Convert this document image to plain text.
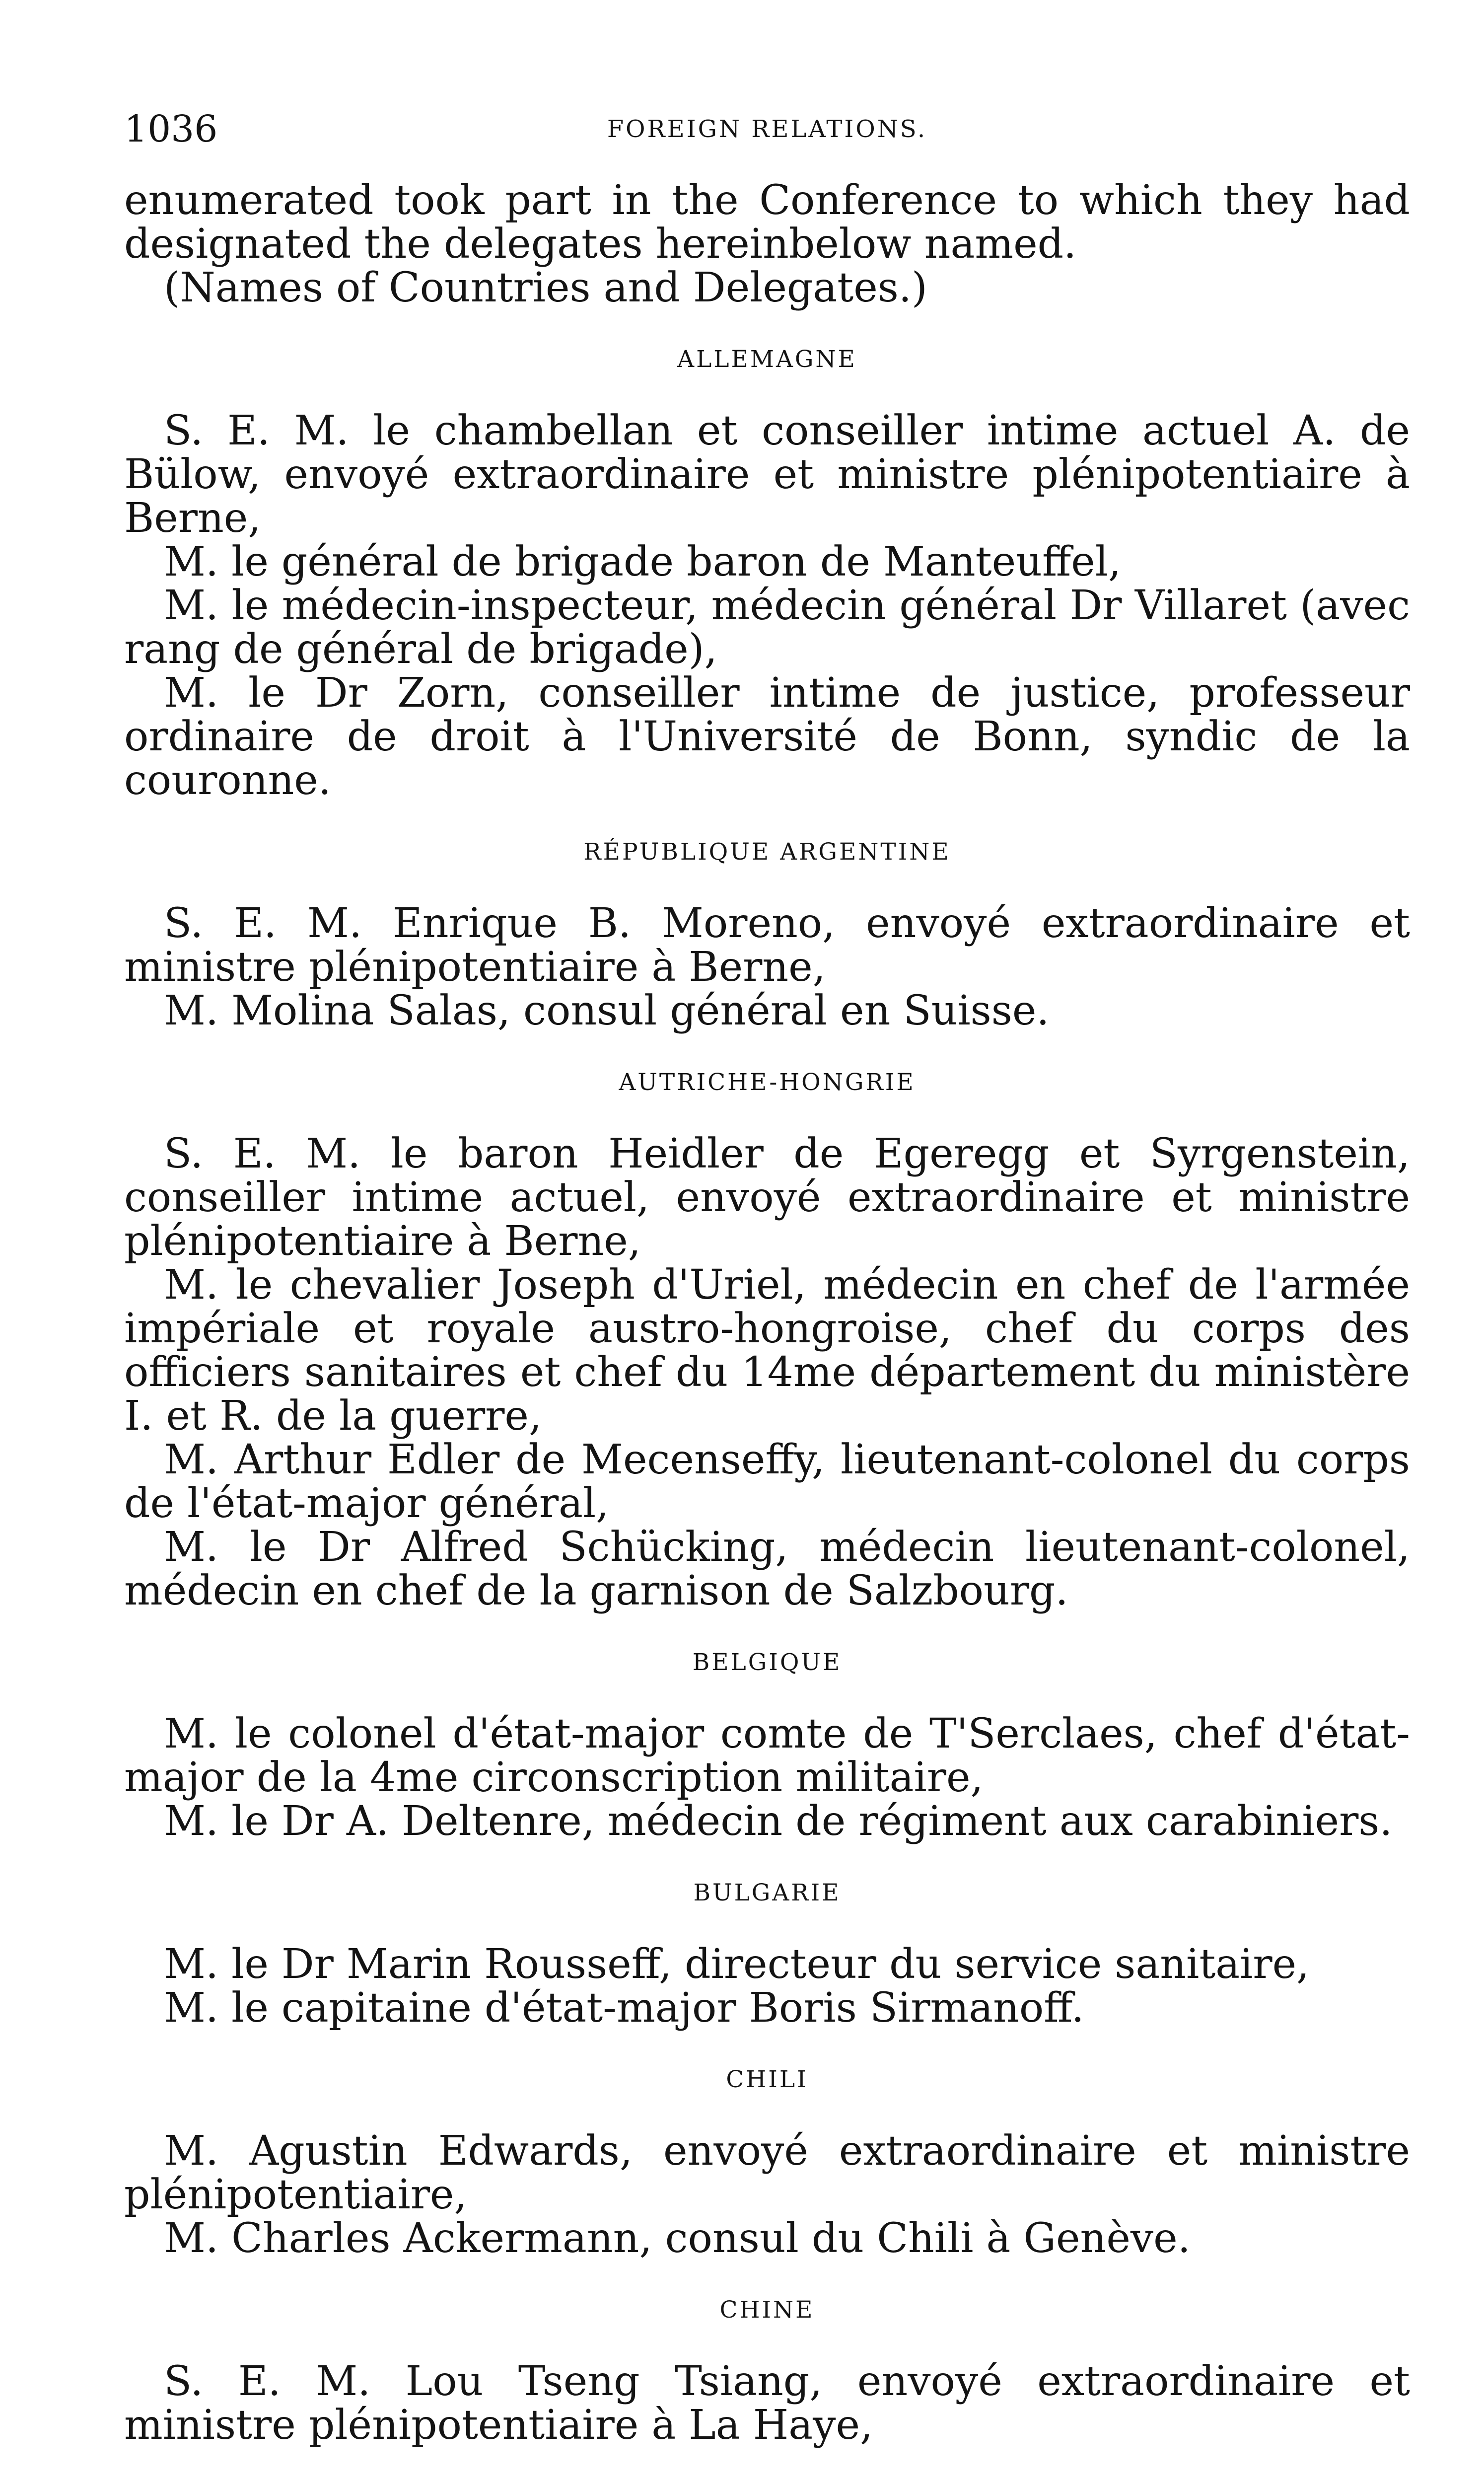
1036	FOREIGN RELATIONS.

enumerated took part in the Conference to which they had designated the delegates hereinbelow named.

(Names of Countries and Delegates.)

ALLEMAGNE

S. E. M. le chambellan et conseiller intime actuel A. de Bülow, envoyé extraordinaire et ministre plénipotentiaire à Berne,

M. le général de brigade baron de Manteuffel,

M. le médecin-inspecteur, médecin général Dr Villaret (avec rang de général de brigade),

M. le Dr Zorn, conseiller intime de justice, professeur ordinaire de droit à l'Université de Bonn, syndic de la couronne.

RÉPUBLIQUE ARGENTINE

S. E. M. Enrique B. Moreno, envoyé extraordinaire et ministre plénipotentiaire à Berne,

M. Molina Salas, consul général en Suisse.

AUTRICHE-HONGRIE

S. E. M. le baron Heidler de Egeregg et Syrgenstein, conseiller intime actuel, envoyé extraordinaire et ministre plénipotentiaire à Berne,

M. le chevalier Joseph d'Uriel, médecin en chef de l'armée impériale et royale austro-hongroise, chef du corps des officiers sanitaires et chef du 14me département du ministère I. et R. de la guerre,

M. Arthur Edler de Mecenseffy, lieutenant-colonel du corps de l'état-major général,

M. le Dr Alfred Schücking, médecin lieutenant-colonel, médecin en chef de la garnison de Salzbourg.

BELGIQUE

M. le colonel d'état-major comte de T'Serclaes, chef d'état-major de la 4me circonscription militaire,

M. le Dr A. Deltenre, médecin de régiment aux carabiniers.

BULGARIE

M. le Dr Marin Rousseff, directeur du service sanitaire,

M. le capitaine d'état-major Boris Sirmanoff.

CHILI

M. Agustin Edwards, envoyé extraordinaire et ministre plénipotentiaire,

M. Charles Ackermann, consul du Chili à Genève.

CHINE

S. E. M. Lou Tseng Tsiang, envoyé extraordinaire et ministre plénipotentiaire à La Haye,
